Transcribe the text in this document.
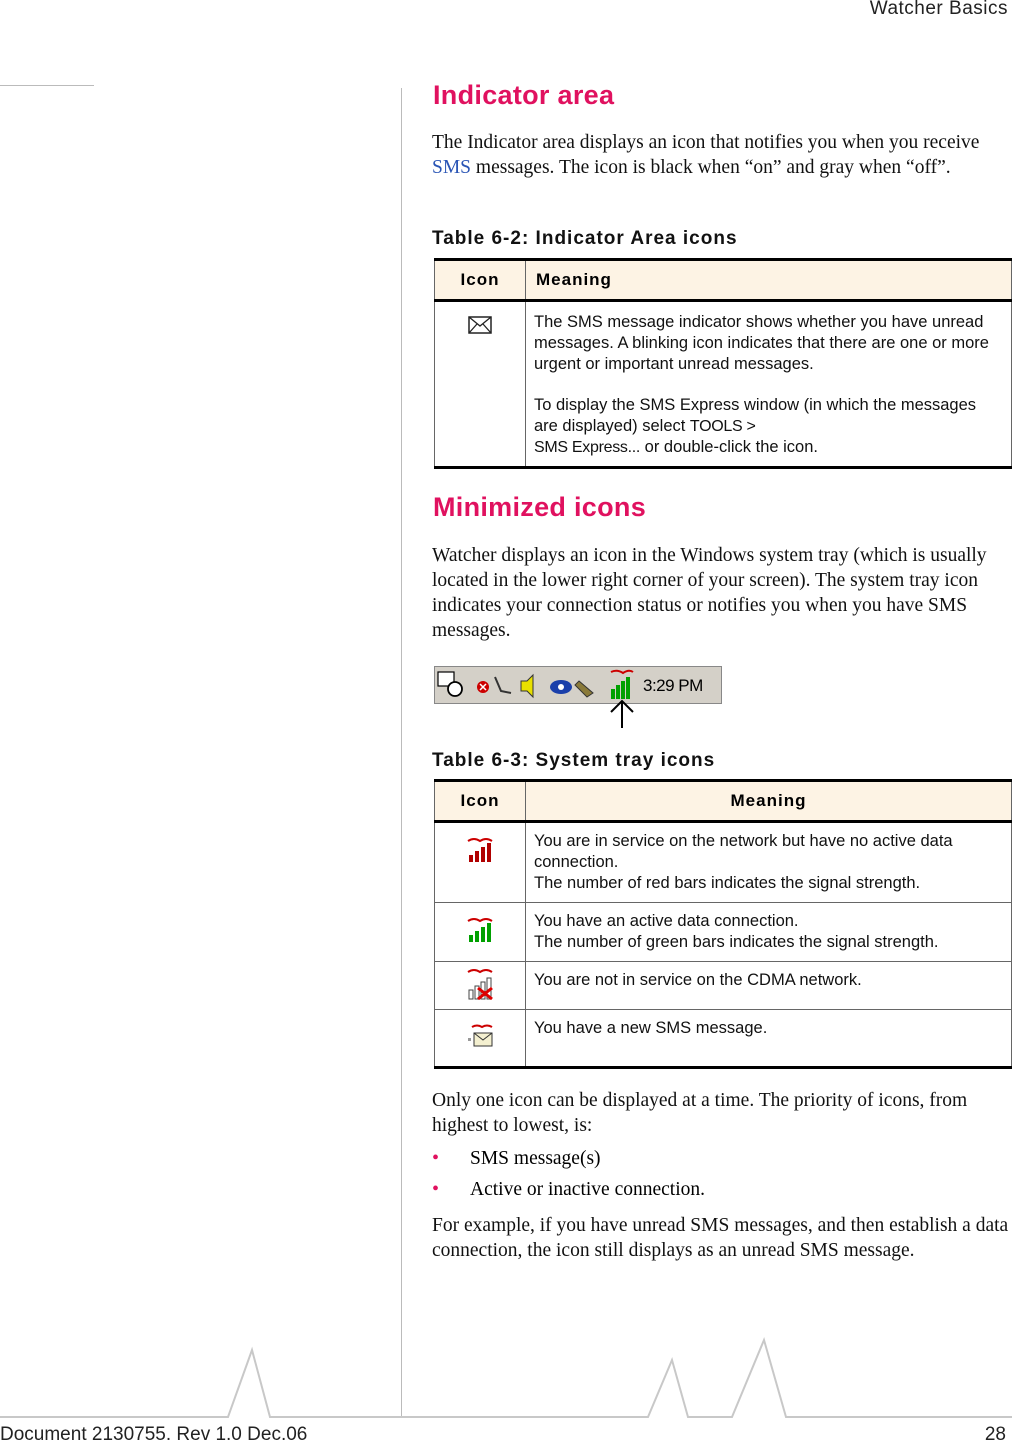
Watcher Basics
Indicator area

The Indicator area displays an icon that notifies you when you receive SMS messages. The icon is black when “on” and gray when “off”.

Table 6-2: Indicator Area icons
Icon	Meaning

The SMS message indicator shows whether you have unread messages. A blinking icon indicates that there are one or more urgent or important unread messages.
To display the SMS Express window (in which the messages are displayed) select TOOLS >
SMS Express... or double-click the icon.
Minimized icons

Watcher displays an icon in the Windows system tray (which is usually located in the lower right corner of your screen). The system tray icon indicates your connection status or notifies you when you have SMS messages.

3:29 PM
Table 6-3: System tray icons
Icon	Meaning

You are in service on the network but have no active data connection.
The number of red bars indicates the signal strength.

You have an active data connection.
The number of green bars indicates the signal strength.

You are not in service on the CDMA network.

You have a new SMS message.

Only one icon can be displayed at a time. The priority of icons, from highest to lowest, is:

• SMS message(s)
• Active or inactive connection.

For example, if you have unread SMS messages, and then establish a data connection, the icon still displays as an unread SMS message.

Document 2130755. Rev 1.0 Dec.06	28
